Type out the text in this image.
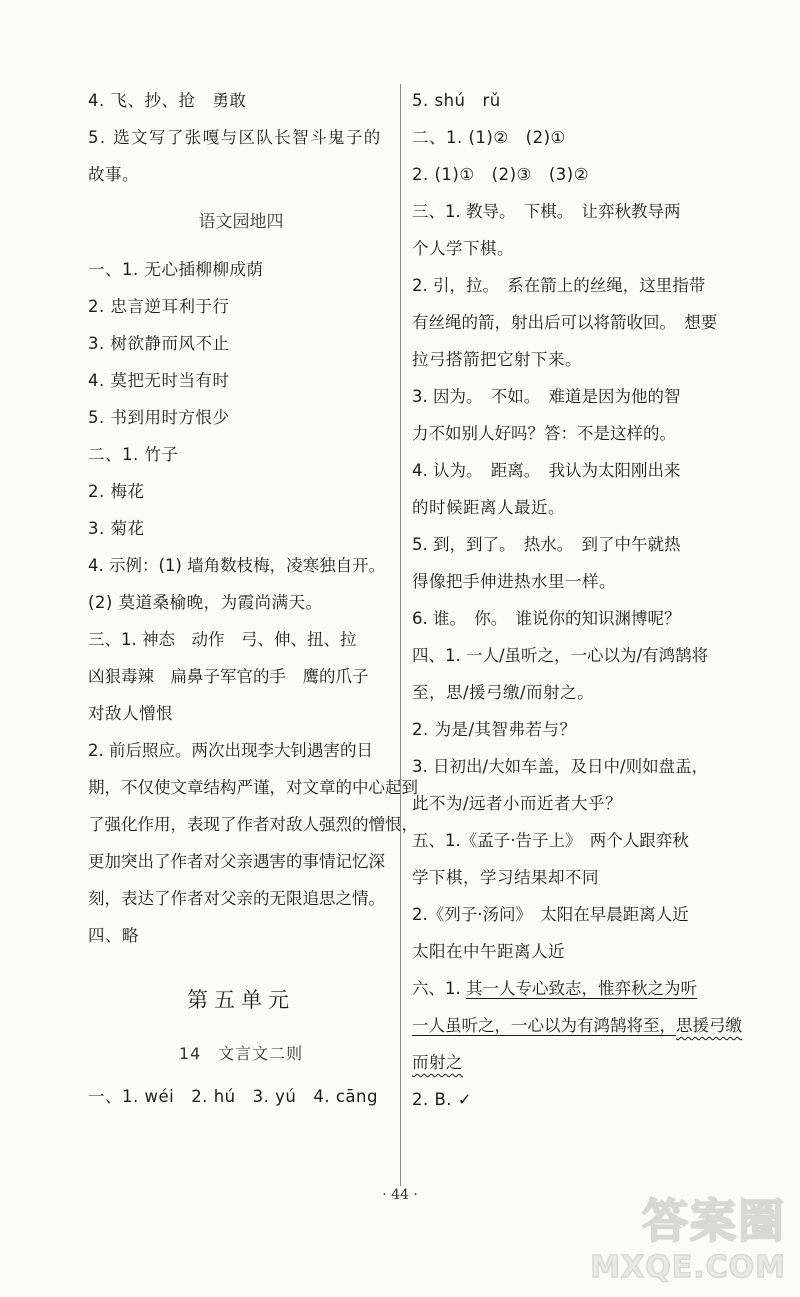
4. 飞、抄、抢　勇敢
5. 选文写了张嘎与区队长智斗鬼子的
故事。
语文园地四
一、1. 无心插柳柳成荫
2. 忠言逆耳利于行
3. 树欲静而风不止
4. 莫把无时当有时
5. 书到用时方恨少
二、1. 竹子
2. 梅花
3. 菊花
4. 示例：(1) 墙角数枝梅，凌寒独自开。
(2) 莫道桑榆晚，为霞尚满天。
三、1. 神态　动作　弓、伸、扭、拉
凶狠毒辣　扁鼻子军官的手　鹰的爪子
对敌人憎恨
2. 前后照应。两次出现李大钊遇害的日
期，不仅使文章结构严谨，对文章的中心起到
了强化作用，表现了作者对敌人强烈的憎恨，
更加突出了作者对父亲遇害的事情记忆深
刻，表达了作者对父亲的无限追思之情。
四、略
第五单元
14　文言文二则
一、1. wéi　2. hú　3. yú　4. cāng
5. shú　rǔ
二、1. (1)②　(2)①
2. (1)①　(2)③　(3)②
三、1. 教导。　下棋。　让弈秋教导两
个人学下棋。
2. 引，拉。　系在箭上的丝绳，这里指带
有丝绳的箭，射出后可以将箭收回。　想要
拉弓搭箭把它射下来。
3. 因为。　不如。　难道是因为他的智
力不如别人好吗？答：不是这样的。
4. 认为。　距离。　我认为太阳刚出来
的时候距离人最近。
5. 到，到了。　热水。　到了中午就热
得像把手伸进热水里一样。
6. 谁。　你。　谁说你的知识渊博呢？
四、1. 一人/虽听之，一心以为/有鸿鹄将
至，思/援弓缴/而射之。
2. 为是/其智弗若与？
3. 日初出/大如车盖，及日中/则如盘盂，
此不为/远者小而近者大乎？
五、1.《孟子·告子上》　两个人跟弈秋
学下棋，学习结果却不同
2.《列子·汤问》　太阳在早晨距离人近
太阳在中午距离人近
六、1. 其一人专心致志，惟弈秋之为听
一人虽听之，一心以为有鸿鹄将至，思援弓缴
而射之
2. B. ✓
· 44 ·	答案圈
MXQE.COM
